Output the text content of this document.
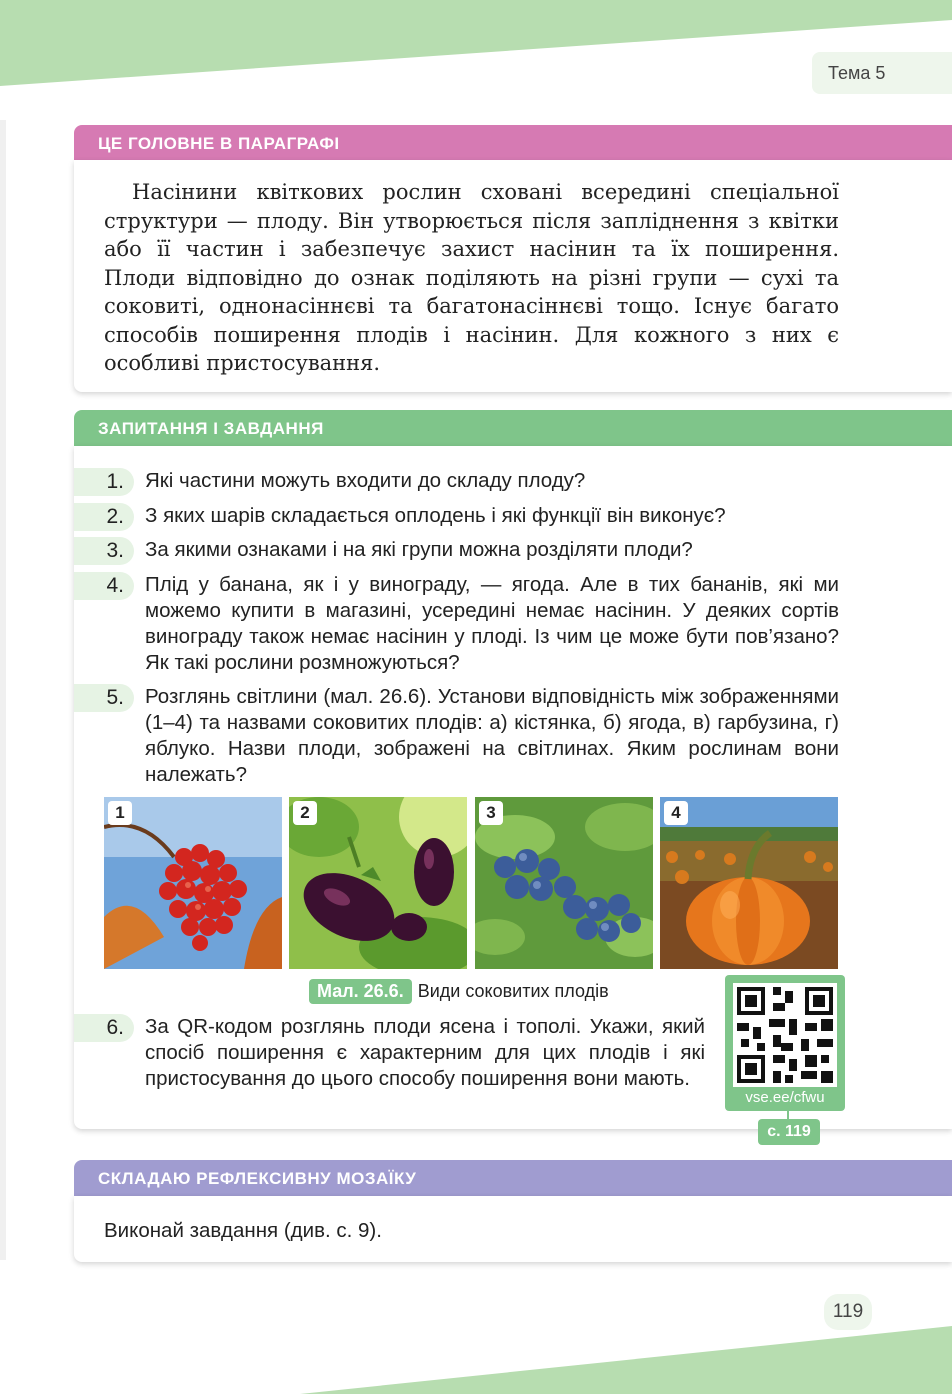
Тема 5
ЦЕ ГОЛОВНЕ В ПАРАГРАФІ
Насінини квіткових рослин сховані всередині спеціальної структури — плоду. Він утворюється після запліднення з квітки або її частин і забезпечує захист насінин та їх поширення. Плоди відповідно до ознак поділяють на різні групи — сухі та соковиті, однонасіннєві та багатонасіннєві тощо. Існує багато способів поширення плодів і насінин. Для кожного з них є особливі пристосування.
ЗАПИТАННЯ І ЗАВДАННЯ
1.	Які частини можуть входити до складу плоду?
2.	З яких шарів складається оплодень і які функції він виконує?
3.	За якими ознаками і на які групи можна розділяти плоди?
4.	Плід у банана, як і у винограду, — ягода. Але в тих бананів, які ми можемо купити в магазині, усередині немає насінин. У деяких сортів винограду також немає насінин у плоді. Із чим це може бути пов’язано? Як такі рослини розмножуються?
5.	Розглянь світлини (мал. 26.6). Установи відповідність між зображеннями (1–4) та назвами соковитих плодів: а) кістянка, б) ягода, в) гарбузина, г) яблуко. Назви плоди, зображені на світлинах. Яким рослинам вони належать?
1	2	3	4
Мал. 26.6. Види соковитих плодів
6.	За QR-кодом розглянь плоди ясена і тополі. Укажи, який спосіб поширення є характерним для цих плодів і які пристосування до цього способу поширення вони мають.
vse.ee/cfwu
с. 119
СКЛАДАЮ РЕФЛЕКСИВНУ МОЗАЇКУ
Виконай завдання (див. с. 9).
119
